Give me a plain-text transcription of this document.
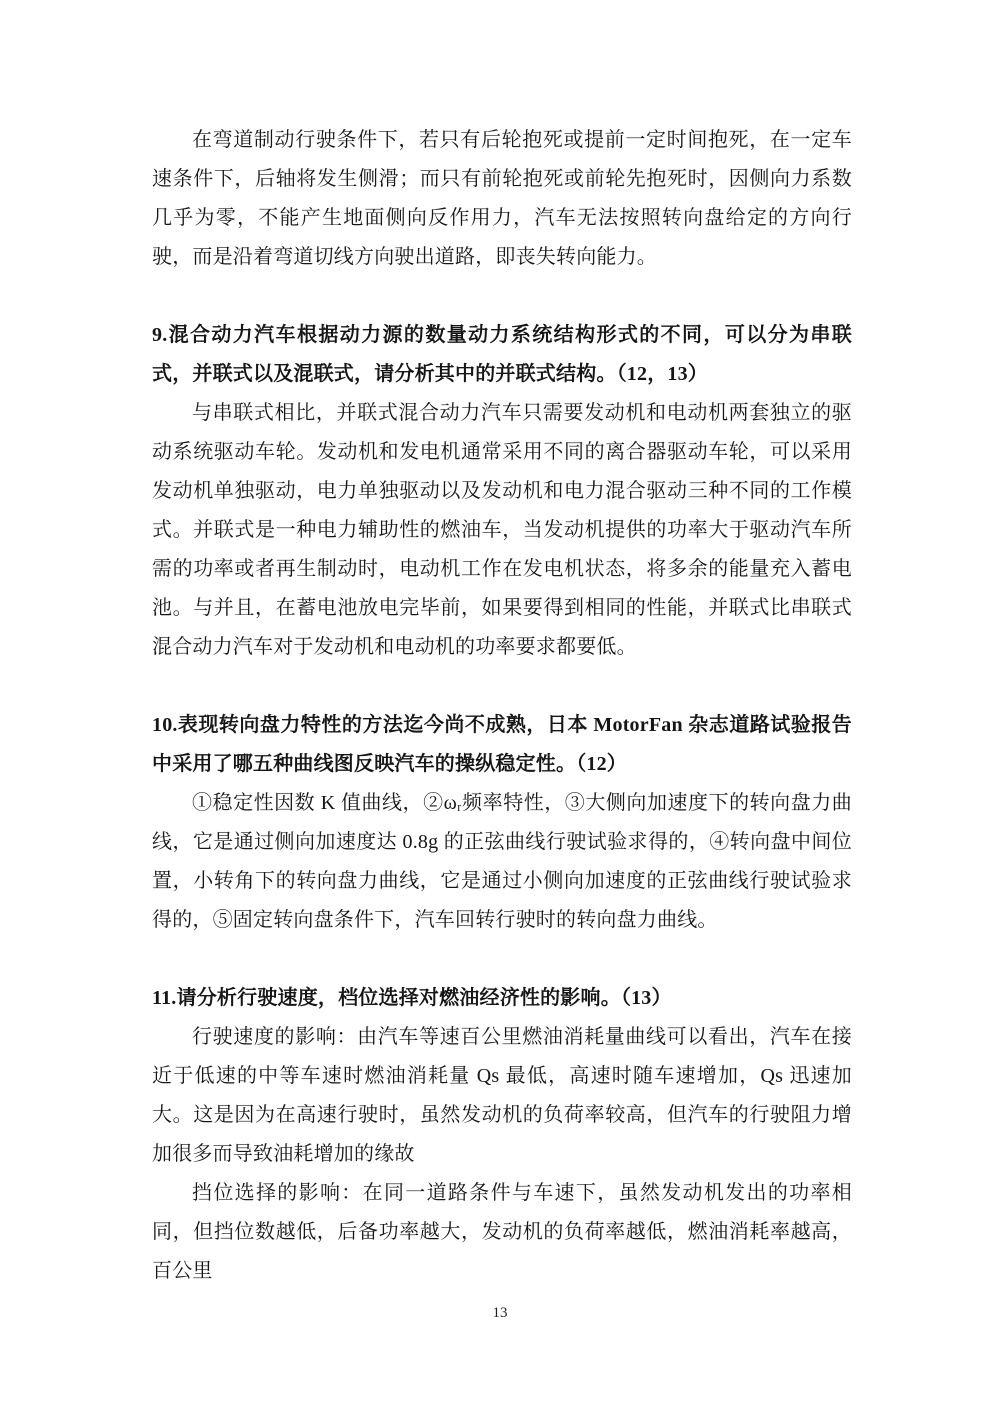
在弯道制动行驶条件下，若只有后轮抱死或提前一定时间抱死，在一定车速条件下，后轴将发生侧滑；而只有前轮抱死或前轮先抱死时，因侧向力系数几乎为零，不能产生地面侧向反作用力，汽车无法按照转向盘给定的方向行驶，而是沿着弯道切线方向驶出道路，即丧失转向能力。

9.混合动力汽车根据动力源的数量动力系统结构形式的不同，可以分为串联式，并联式以及混联式，请分析其中的并联式结构。（12，13）

与串联式相比，并联式混合动力汽车只需要发动机和电动机两套独立的驱动系统驱动车轮。发动机和发电机通常采用不同的离合器驱动车轮，可以采用发动机单独驱动，电力单独驱动以及发动机和电力混合驱动三种不同的工作模式。并联式是一种电力辅助性的燃油车，当发动机提供的功率大于驱动汽车所需的功率或者再生制动时，电动机工作在发电机状态，将多余的能量充入蓄电池。与并且，在蓄电池放电完毕前，如果要得到相同的性能，并联式比串联式混合动力汽车对于发动机和电动机的功率要求都要低。

10.表现转向盘力特性的方法迄今尚不成熟，日本 MotorFan 杂志道路试验报告中采用了哪五种曲线图反映汽车的操纵稳定性。（12）

①稳定性因数 K 值曲线，②ωᵣ频率特性，③大侧向加速度下的转向盘力曲线，它是通过侧向加速度达 0.8g 的正弦曲线行驶试验求得的，④转向盘中间位置，小转角下的转向盘力曲线，它是通过小侧向加速度的正弦曲线行驶试验求得的，⑤固定转向盘条件下，汽车回转行驶时的转向盘力曲线。

11.请分析行驶速度，档位选择对燃油经济性的影响。（13）

行驶速度的影响：由汽车等速百公里燃油消耗量曲线可以看出，汽车在接近于低速的中等车速时燃油消耗量 Qs 最低，高速时随车速增加，Qs 迅速加大。这是因为在高速行驶时，虽然发动机的负荷率较高，但汽车的行驶阻力增加很多而导致油耗增加的缘故

挡位选择的影响：在同一道路条件与车速下，虽然发动机发出的功率相同，但挡位数越低，后备功率越大，发动机的负荷率越低，燃油消耗率越高，百公里

13
